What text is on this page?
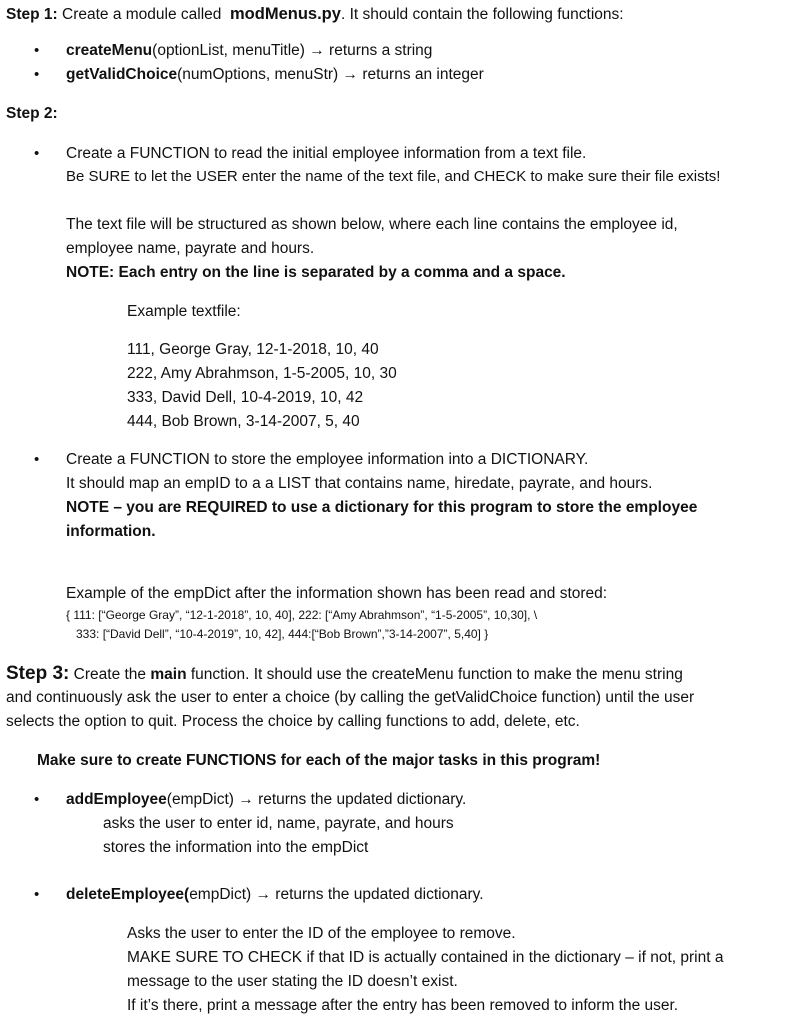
Step 1: Create a module called  modMenus.py. It should contain the following functions:
• createMenu(optionList, menuTitle) → returns a string
• getValidChoice(numOptions, menuStr) → returns an integer
Step 2:
• Create a FUNCTION to read the initial employee information from a text file.
Be SURE to let the USER enter the name of the text file, and CHECK to make sure their file exists!
The text file will be structured as shown below, where each line contains the employee id,
employee name, payrate and hours.
NOTE: Each entry on the line is separated by a comma and a space.
Example textfile:
111, George Gray, 12-1-2018, 10, 40
222, Amy Abrahmson, 1-5-2005, 10, 30
333, David Dell, 10-4-2019, 10, 42
444, Bob Brown, 3-14-2007, 5, 40
• Create a FUNCTION to store the employee information into a DICTIONARY.
It should map an empID to a a LIST that contains name, hiredate, payrate, and hours.
NOTE – you are REQUIRED to use a dictionary for this program to store the employee
information.
Example of the empDict after the information shown has been read and stored:
{ 111: [“George Gray”, “12-1-2018”, 10, 40], 222: [“Amy Abrahmson”, “1-5-2005”, 10,30], \
333: [“David Dell”, “10-4-2019”, 10, 42], 444:[“Bob Brown”,”3-14-2007”, 5,40] }
Step 3: Create the main function. It should use the createMenu function to make the menu string
and continuously ask the user to enter a choice (by calling the getValidChoice function) until the user
selects the option to quit. Process the choice by calling functions to add, delete, etc.
Make sure to create FUNCTIONS for each of the major tasks in this program!
• addEmployee(empDict) → returns the updated dictionary.
asks the user to enter id, name, payrate, and hours
stores the information into the empDict
• deleteEmployee(empDict) → returns the updated dictionary.
Asks the user to enter the ID of the employee to remove.
MAKE SURE TO CHECK if that ID is actually contained in the dictionary – if not, print a
message to the user stating the ID doesn’t exist.
If it’s there, print a message after the entry has been removed to inform the user.
